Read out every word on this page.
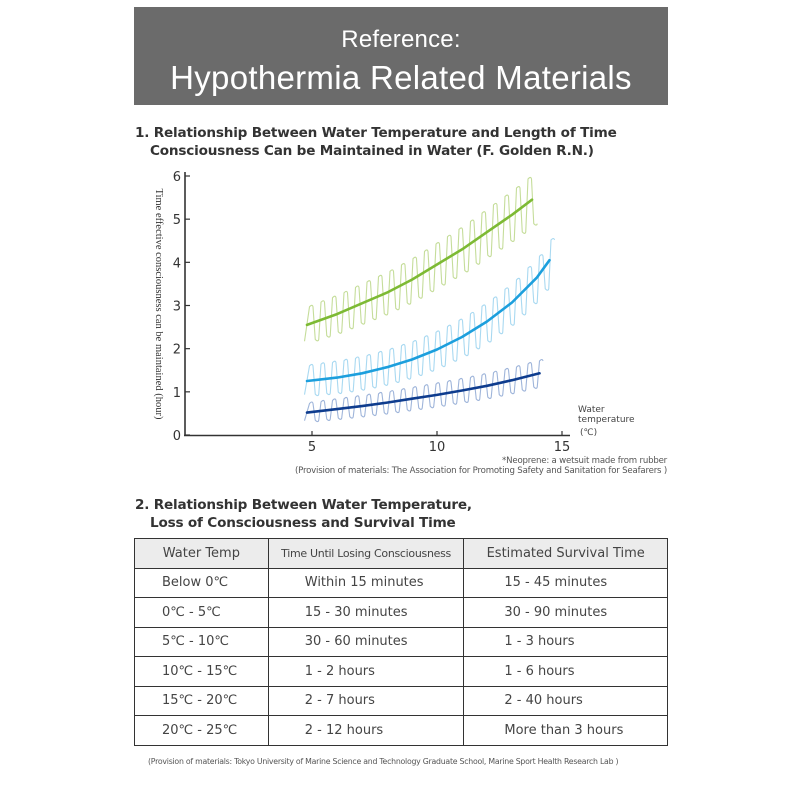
Reference:
Hypothermia Related Materials
1. Relationship Between Water Temperature and Length of Time
Consciousness Can be Maintained in Water (F. Golden R.N.)
0
1
2
3
4
5
6
5	10	15
Time effective consciousness can be maintained (hour)	Water temperature (℃)
*Neoprene: a wetsuit made from rubber
(Provision of materials: The Association for Promoting Safety and Sanitation for Seafarers )
2. Relationship Between Water Temperature,
Loss of Consciousness and Survival Time
Water Temp	Time Until Losing Consciousness	Estimated Survival Time
Below 0℃	Within 15 minutes	15 - 45 minutes
0℃ - 5℃	15 - 30 minutes	30 - 90 minutes
5℃ - 10℃	30 - 60 minutes	1 - 3 hours
10℃ - 15℃	1 - 2 hours	1 - 6 hours
15℃ - 20℃	2 - 7 hours	2 - 40 hours
20℃ - 25℃	2 - 12 hours	More than 3 hours
(Provision of materials: Tokyo University of Marine Science and Technology Graduate School, Marine Sport Health Research Lab )
